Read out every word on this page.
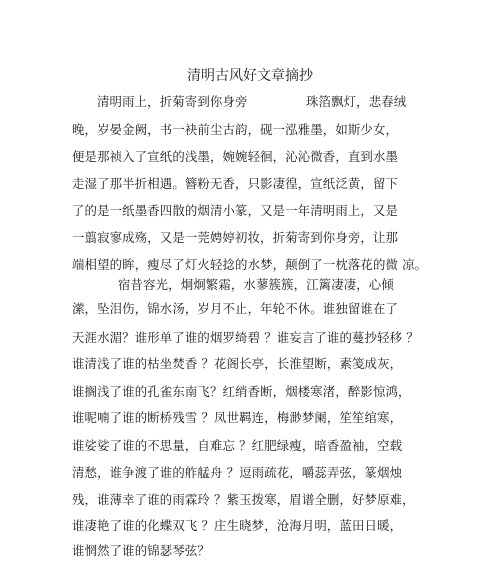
清明古风好文章摘抄
清明雨上，折菊寄到你身旁	珠箔飘灯，悲春绒
晚，岁晏金阙，书一袂前尘古韵，砚一泓雅墨，如斯少女，
便是那祯入了宣纸的浅墨，婉婉轻徊，沁沁微香，直到水墨
走湿了那半折相遇。簪粉无香，只影凄徨，宣纸泛黄，留下
了的是一纸墨香四散的烟清小篆，又是一年清明雨上，又是
一翦寂寥成殇，又是一莞娉婷初妆，折菊寄到你身旁，让那
端相望的眸，瘦尽了灯火轻捻的水梦，颠倒了一枕落花的微 凉。
宿昔容光，炯炯繁霜，水蓼簇簇，江篱凄凄，心倾
潆，坠泪伤，锦水汤，岁月不止，年轮不休。谁独留谁在了
天涯水湄？谁形单了谁的烟罗绮碧 ？谁妄言了谁的蔓抄轻移 ？
谁清浅了谁的枯坐焚香 ？花阁长亭，长淮望断，素笺成灰，
谁搁浅了谁的孔雀东南飞？红绡香断，烟楼寒渚，醉影惊鸿，
谁呢喃了谁的断桥残雪 ？凤世羁连，梅渺梦阑，笙笙绾寒，
谁娑娑了谁的不思量，自难忘 ？红肥绿瘦，暗香盈袖，空载
清愁，谁争渡了谁的舴艋舟 ？逗雨疏花，嚼蕊弄弦，篆烟烛
残，谁薄幸了谁的雨霖玲 ？紫玉拨寒，眉谱全删，好梦原难，
谁凄艳了谁的化蝶双飞 ？庄生晓梦，沧海月明，蓝田日暖，
谁惘然了谁的锦瑟琴弦？
